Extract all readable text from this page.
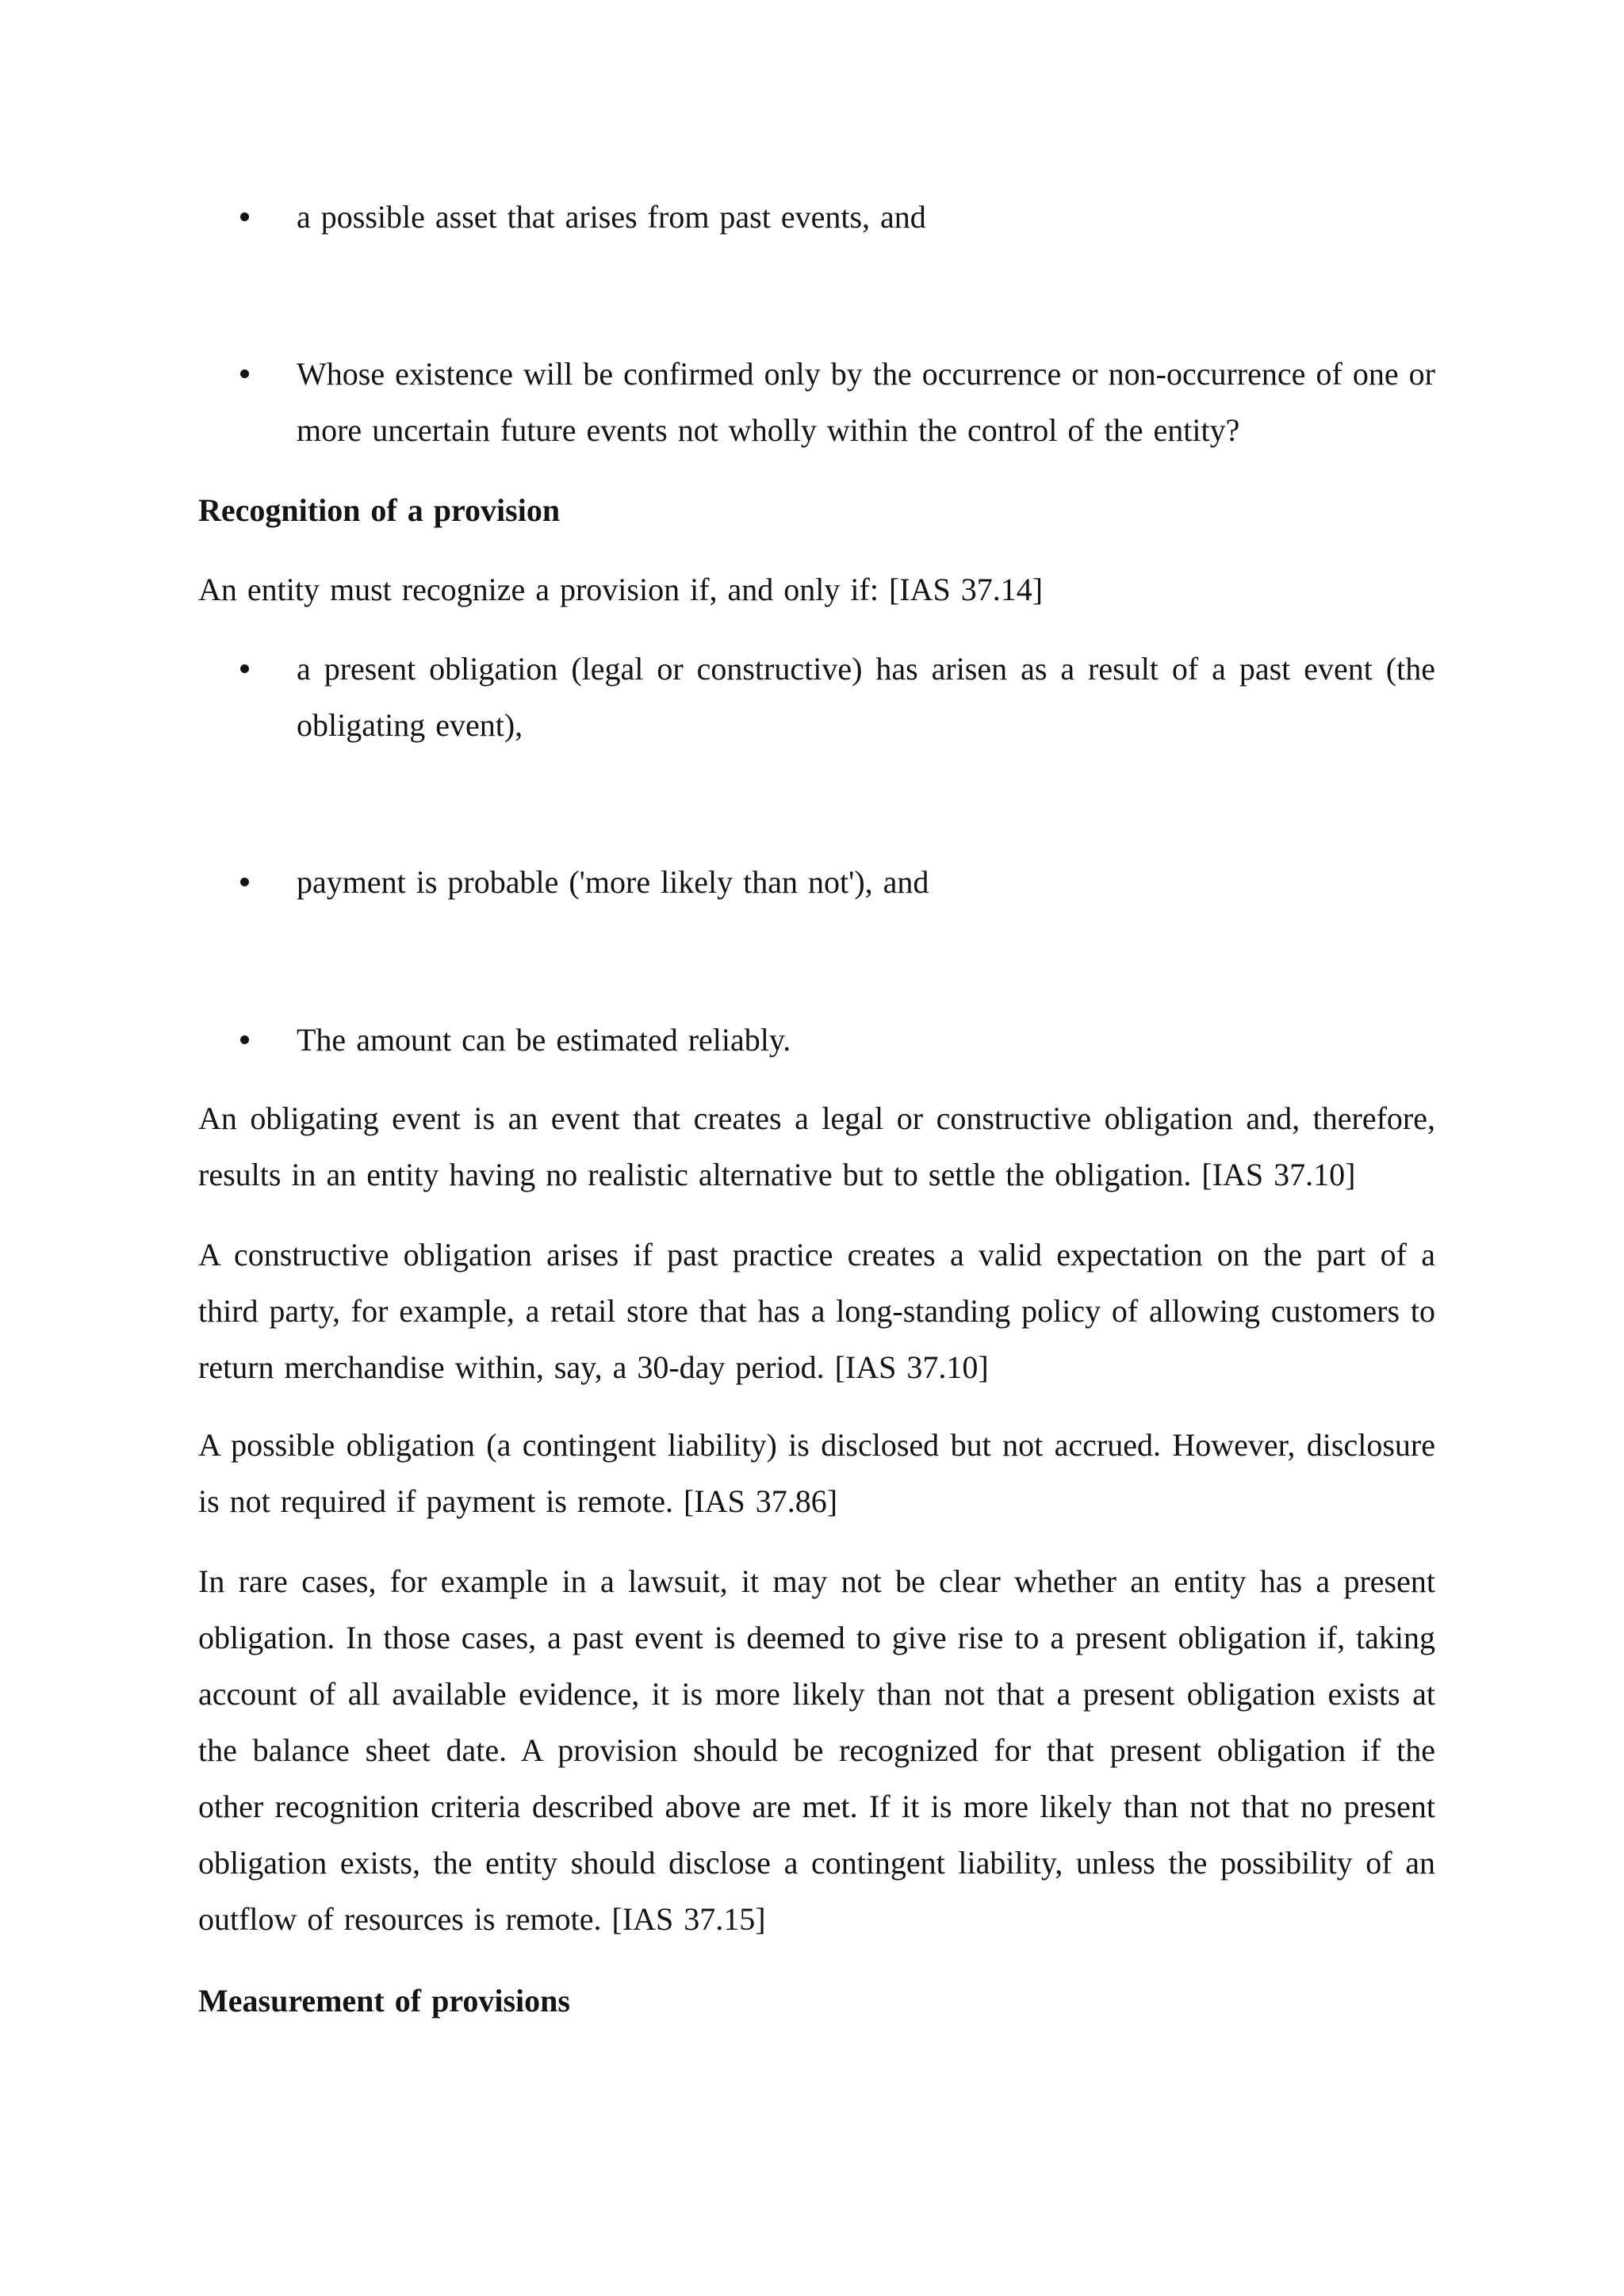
a possible asset that arises from past events, and
Whose existence will be confirmed only by the occurrence or non-occurrence of one or more uncertain future events not wholly within the control of the entity?

Recognition of a provision

An entity must recognize a provision if, and only if: [IAS 37.14]

a present obligation (legal or constructive) has arisen as a result of a past event (the obligating event),
payment is probable ('more likely than not'), and
The amount can be estimated reliably.

An obligating event is an event that creates a legal or constructive obligation and, therefore, results in an entity having no realistic alternative but to settle the obligation. [IAS 37.10]

A constructive obligation arises if past practice creates a valid expectation on the part of a third party, for example, a retail store that has a long-standing policy of allowing customers to return merchandise within, say, a 30-day period. [IAS 37.10]

A possible obligation (a contingent liability) is disclosed but not accrued. However, disclosure is not required if payment is remote. [IAS 37.86]

In rare cases, for example in a lawsuit, it may not be clear whether an entity has a present obligation. In those cases, a past event is deemed to give rise to a present obligation if, taking account of all available evidence, it is more likely than not that a present obligation exists at the balance sheet date. A provision should be recognized for that present obligation if the other recognition criteria described above are met. If it is more likely than not that no present obligation exists, the entity should disclose a contingent liability, unless the possibility of an outflow of resources is remote. [IAS 37.15]

Measurement of provisions
